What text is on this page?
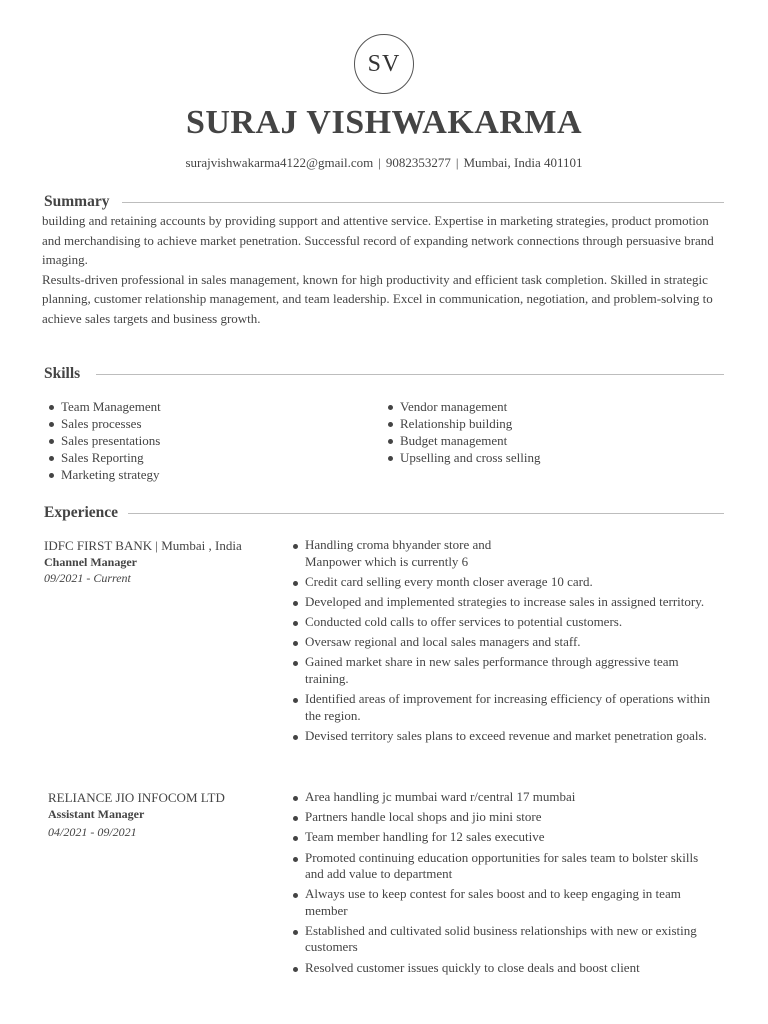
SV
SURAJ VISHWAKARMA
surajvishwakarma4122@gmail.com | 9082353277 | Mumbai, India 401101
Summary

building and retaining accounts by providing support and attentive service. Expertise in marketing strategies, product promotion and merchandising to achieve market penetration. Successful record of expanding network connections through persuasive brand imaging.

Results-driven professional in sales management, known for high productivity and efficient task completion. Skilled in strategic planning, customer relationship management, and team leadership. Excel in communication, negotiation, and problem-solving to achieve sales targets and business growth.

Skills
Team Management
Sales processes
Sales presentations
Sales Reporting
Marketing strategy
Vendor management
Relationship building
Budget management
Upselling and cross selling
Experience
IDFC FIRST BANK | Mumbai , India
Channel Manager
09/2021 - Current
Handling croma bhyander store and Manpower which is currently 6
Credit card selling every month closer average 10 card.
Developed and implemented strategies to increase sales in assigned territory.
Conducted cold calls to offer services to potential customers.
Oversaw regional and local sales managers and staff.
Gained market share in new sales performance through aggressive team training.
Identified areas of improvement for increasing efficiency of operations within the region.
Devised territory sales plans to exceed revenue and market penetration goals.
RELIANCE JIO INFOCOM LTD
Assistant Manager
04/2021 - 09/2021
Area handling jc mumbai ward r/central 17 mumbai
Partners handle local shops and jio mini store
Team member handling for 12 sales executive
Promoted continuing education opportunities for sales team to bolster skills and add value to department
Always use to keep contest for sales boost and to keep engaging in team member
Established and cultivated solid business relationships with new or existing customers
Resolved customer issues quickly to close deals and boost client
